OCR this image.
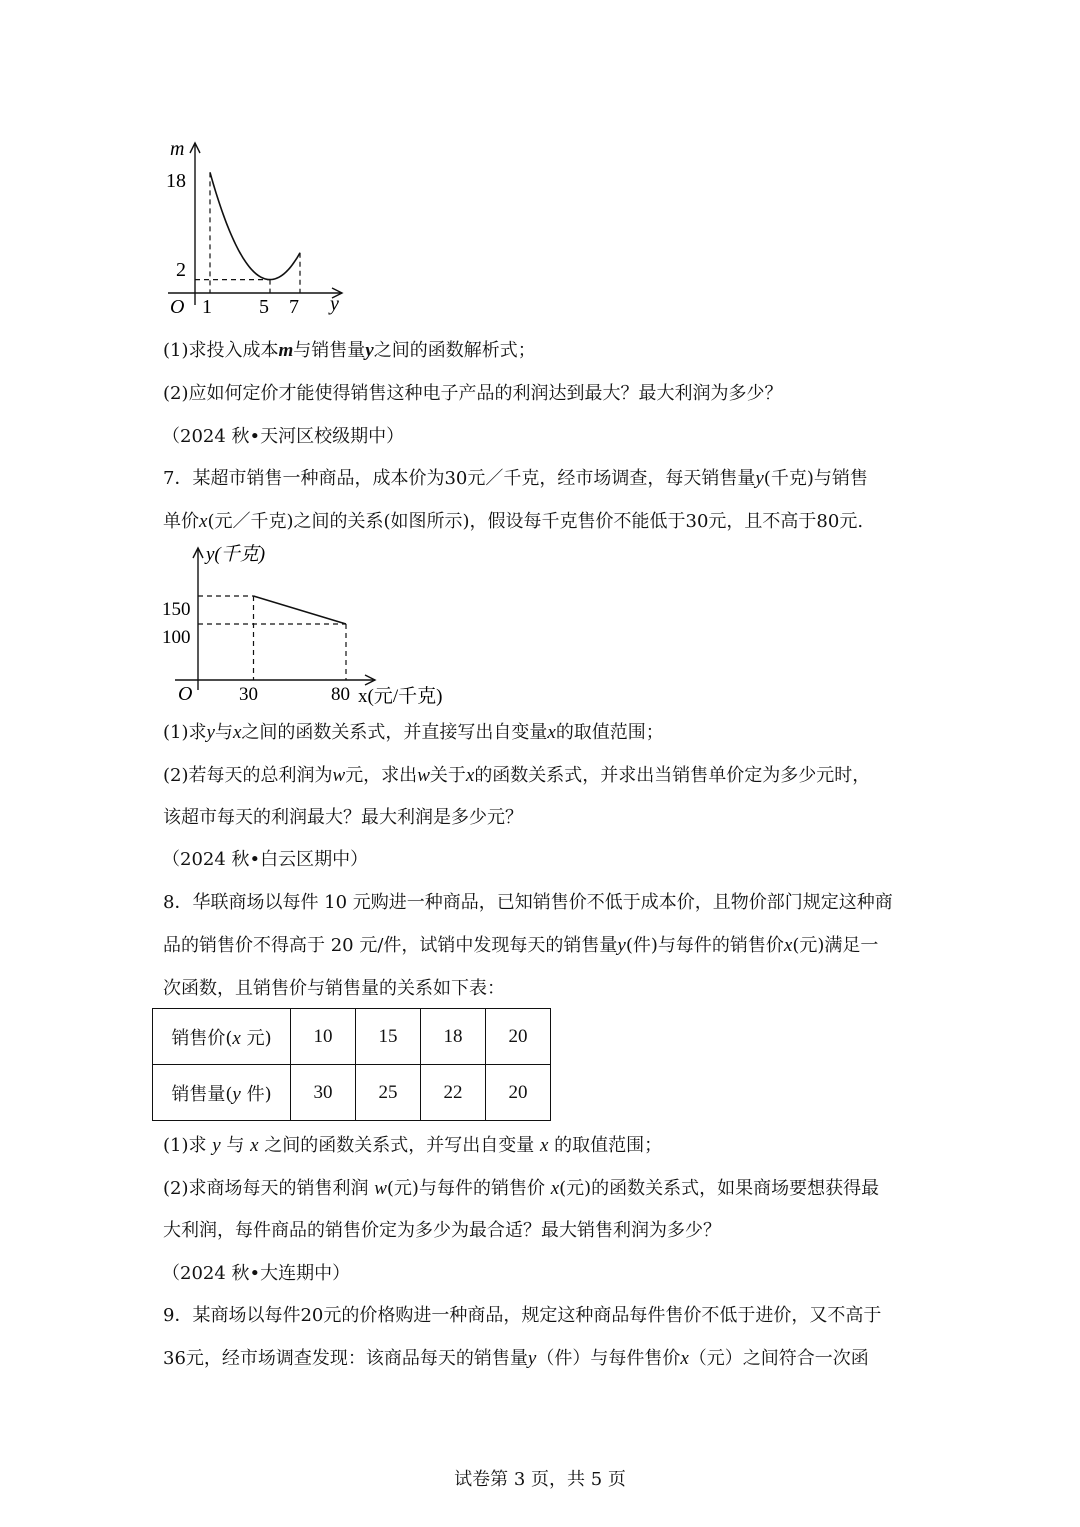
m
y
O
18
2
1 5 7
(1)求投入成本m与销售量y之间的函数解析式；
(2)应如何定价才能使得销售这种电子产品的利润达到最大？最大利润为多少？
（2024 秋•天河区校级期中）
7．某超市销售一种商品，成本价为30元／千克，经市场调查，每天销售量y(千克)与销售
单价x(元／千克)之间的关系(如图所示)，假设每千克售价不能低于30元，且不高于80元.
y(千克)
x(元/千克)
O
150
100
30	80
(1)求y与x之间的函数关系式，并直接写出自变量x的取值范围；
(2)若每天的总利润为w元，求出w关于x的函数关系式，并求出当销售单价定为多少元时，
该超市每天的利润最大？最大利润是多少元？
（2024 秋•白云区期中）
8．华联商场以每件 10 元购进一种商品，已知销售价不低于成本价，且物价部门规定这种商
品的销售价不得高于 20 元/件，试销中发现每天的销售量y(件)与每件的销售价x(元)满足一
次函数，且销售价与销售量的关系如下表：
销售价(x 元)	10	15	18	20
销售量(y 件)	30	25	22	20
(1)求 y 与 x 之间的函数关系式，并写出自变量 x 的取值范围；
(2)求商场每天的销售利润 w(元)与每件的销售价 x(元)的函数关系式，如果商场要想获得最
大利润，每件商品的销售价定为多少为最合适？最大销售利润为多少？
（2024 秋•大连期中）
9．某商场以每件20元的价格购进一种商品，规定这种商品每件售价不低于进价，又不高于
36元，经市场调查发现：该商品每天的销售量y（件）与每件售价x（元）之间符合一次函
试卷第 3 页，共 5 页
